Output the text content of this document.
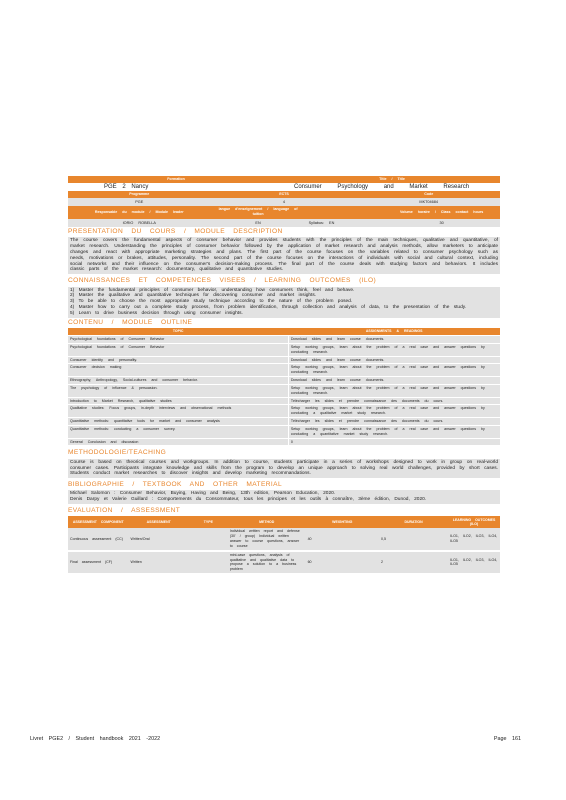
Formation	Title / Title
PGE 2 Nancy	Consumer Psychology and Market Research
Programme	ECTS	Code
PGE	4	MKT04684
Responsable du module / Module leader	langue d'enseignement / language of tuition		Volume horaire / Class contact hours
IORIO ROBELLA	EN	Syllabus: EN	30
PRESENTATION DU COURS / MODULE DESCRIPTION
The course covers the fundamental aspects of consumer behavior and provides students with the principles of the main techniques, qualitative and quantitative, of market research. Understanding the principles of consumer behavior followed by the application of market research and analysis methods, allow marketers to anticipate changes and react with appropriate marketing strategies and plans. The first part of the course focuses on the variables related to consumer psychology such as needs, motivations or brakes, attitudes, personality. The second part of the course focuses on the interactions of individuals with social and cultural context, including social networks and their influence on the consumer's decision-making process. The final part of the course deals with studying factors and behaviors. It includes classic parts of the market research: documentary, qualitative and quantitative studies.
CONNAISSANCES ET COMPETENCES VISEES / LEARNING OUTCOMES (ILO)

1) Master the fundamental principles of consumer behavior, understanding how consumers think, feel and behave.

2) Master the qualitative and quantitative techniques for discovering consumer and market insights.

3) To be able to choose the most appropriate study technique according to the nature of the problem posed.

4) Master how to carry out a complete study process, from problem identification, through collection and analysis of data, to the presentation of the study.

5) Learn to drive business decision through using consumer insights.

CONTENU / MODULE OUTLINE
TOPIC	ASSIGNMENTS & READINGS
Psychological foundations of Consumer Behavior	Download slides and learn course documents.
Psychological foundations of Consumer Behavior	Setup working groups, learn about the problem of a real case and answer questions by conducting research.
Consumer identity and personality.	Download slides and learn course documents.
Consumer decision making	Setup working groups, learn about the problem of a real case and answer questions by conducting research.
Ethnography, Anthropology, Social-cultures and consumer behavior.	Download slides and learn course documents.
The psychology of influence & persuasion.	Setup working groups, learn about the problem of a real case and answer questions by conducting research.
Introduction to Market Research, qualitative studies	Télécharger les slides et prendre connaissance des documents du cours.
Qualitative studies: Focus groups, in-depth interviews and observational methods	Setup working groups, learn about the problem of a real case and answer questions by conducting a qualitative market study research.
Quantitative methods: quantitative tools for market and consumer analysis	Télécharger les slides et prendre connaissance des documents du cours.
Quantitative methods: conducting a consumer survey.	Setup working groups, learn about the problem of a real case and answer questions by conducting a quantitative market study research.
General Conclusion and discussion	0
METHODOLOGIE/TEACHING
Course is based on theorical courses and workgroups. In addition to course, students participate in a series of workshops designed to work in group on real-world consumer cases. Participants integrate knowledge and skills from the program to develop an unique approach to solving real world challenges, provided by short cases. Students conduct market researches to discover insights and develop marketing recommandations.
BIBLIOGRAPHIE / TEXTBOOK AND OTHER MATERIAL

Michael Salomon : Consumer Behavior, Buying, Having and Being, 13th edition, Pearson Education, 2020.

Denis Darpy et Valerie Guillard : Comportements du Consommateur, tous les principes et les outils à connaître, 3ème édition, Dunod, 2020.

EVALUATION / ASSESSMENT
ASSESSMENT COMPONENT	ASSESSMENT	TYPE	METHOD	WEIGHTING	DURATION	LEARNING OUTCOMES (ILO)
Continuous assessment (CC)	Written/Oral		Individual written report and defense (30' / group) Individual written answer to course questions, answer to course	40	0,5	ILO1, ILO2, ILO3, ILO4, ILO5
Final assessment (CF)	Written		mini-case questions, analysis of qualitative and qualitative data to propose a solution to a business problem	60	2	ILO1, ILO2, ILO3, ILO4, ILO5
Livret PGE2 / Student handbook 2021 -2022	Page 161
